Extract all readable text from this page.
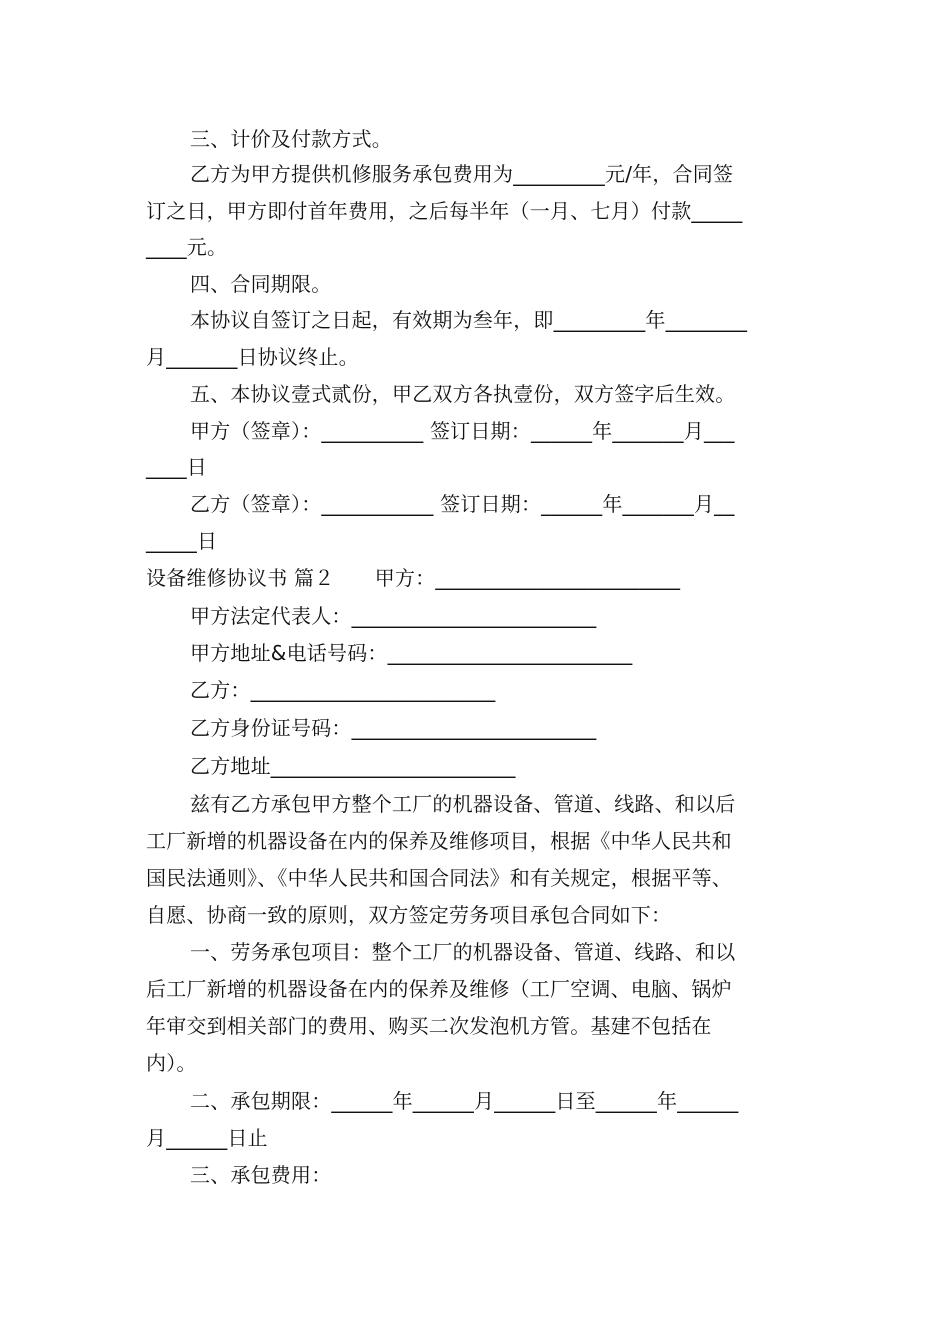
三、计价及付款方式。
乙方为甲方提供机修服务承包费用为_________元/年，合同签
订之日，甲方即付首年费用，之后每半年（一月、七月）付款_____
____元。
四、合同期限。
本协议自签订之日起，有效期为叁年，即_________年________
月_______日协议终止。
五、本协议壹式贰份，甲乙双方各执壹份，双方签字后生效。
甲方（签章）：__________ 签订日期：______年_______月___
____日
乙方（签章）：___________ 签订日期：______年_______月__
_____日
设备维修协议书 篇２　　甲方：________________________
甲方法定代表人：________________________
甲方地址&电话号码：________________________
乙方：________________________
乙方身份证号码：________________________
乙方地址________________________
兹有乙方承包甲方整个工厂的机器设备、管道、线路、和以后
工厂新增的机器设备在内的保养及维修项目，根据《中华人民共和
国民法通则》、《中华人民共和国合同法》和有关规定，根据平等、
自愿、协商一致的原则，双方签定劳务项目承包合同如下：
一、劳务承包项目：整个工厂的机器设备、管道、线路、和以
后工厂新增的机器设备在内的保养及维修（工厂空调、电脑、锅炉
年审交到相关部门的费用、购买二次发泡机方管。基建不包括在
内）。
二、承包期限：______年______月______日至______年______
月______日止
三、承包费用：
